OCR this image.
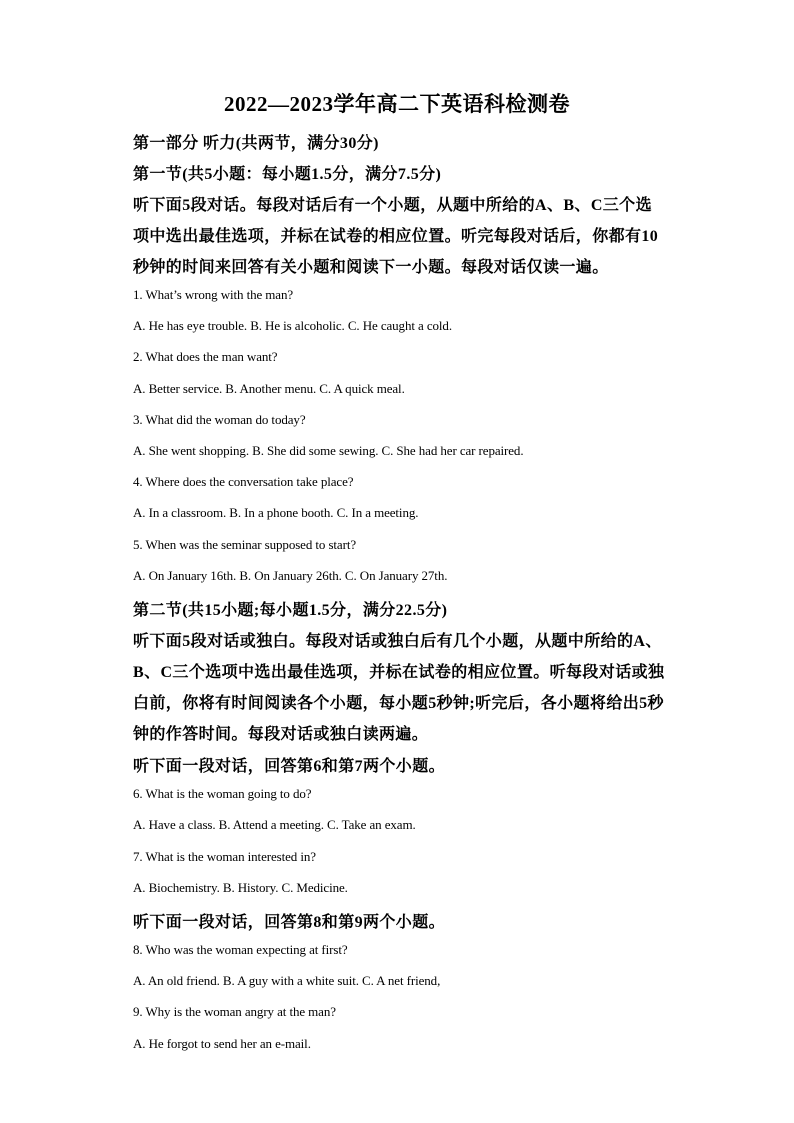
2022—2023学年高二下英语科检测卷
第一部分 听力(共两节，满分30分)
第一节(共5小题：每小题1.5分，满分7.5分)
听下面5段对话。每段对话后有一个小题，从题中所给的A、B、C三个选
项中选出最佳选项，并标在试卷的相应位置。听完每段对话后，你都有10
秒钟的时间来回答有关小题和阅读下一小题。每段对话仅读一遍。
1. What’s wrong with the man?
A. He has eye trouble. B. He is alcoholic. C. He caught a cold.
2. What does the man want?
A. Better service. B. Another menu. C. A quick meal.
3. What did the woman do today?
A. She went shopping. B. She did some sewing. C. She had her car repaired.
4. Where does the conversation take place?
A. In a classroom. B. In a phone booth. C. In a meeting.
5. When was the seminar supposed to start?
A. On January 16th. B. On January 26th. C. On January 27th.
第二节(共15小题;每小题1.5分，满分22.5分)
听下面5段对话或独白。每段对话或独白后有几个小题，从题中所给的A、
B、C三个选项中选出最佳选项，并标在试卷的相应位置。听每段对话或独
白前，你将有时间阅读各个小题，每小题5秒钟;听完后，各小题将给出5秒
钟的作答时间。每段对话或独白读两遍。
听下面一段对话，回答第6和第7两个小题。
6. What is the woman going to do?
A. Have a class. B. Attend a meeting. C. Take an exam.
7. What is the woman interested in?
A. Biochemistry. B. History. C. Medicine.
听下面一段对话，回答第8和第9两个小题。
8. Who was the woman expecting at first?
A. An old friend. B. A guy with a white suit. C. A net friend,
9. Why is the woman angry at the man?
A. He forgot to send her an e-mail.
